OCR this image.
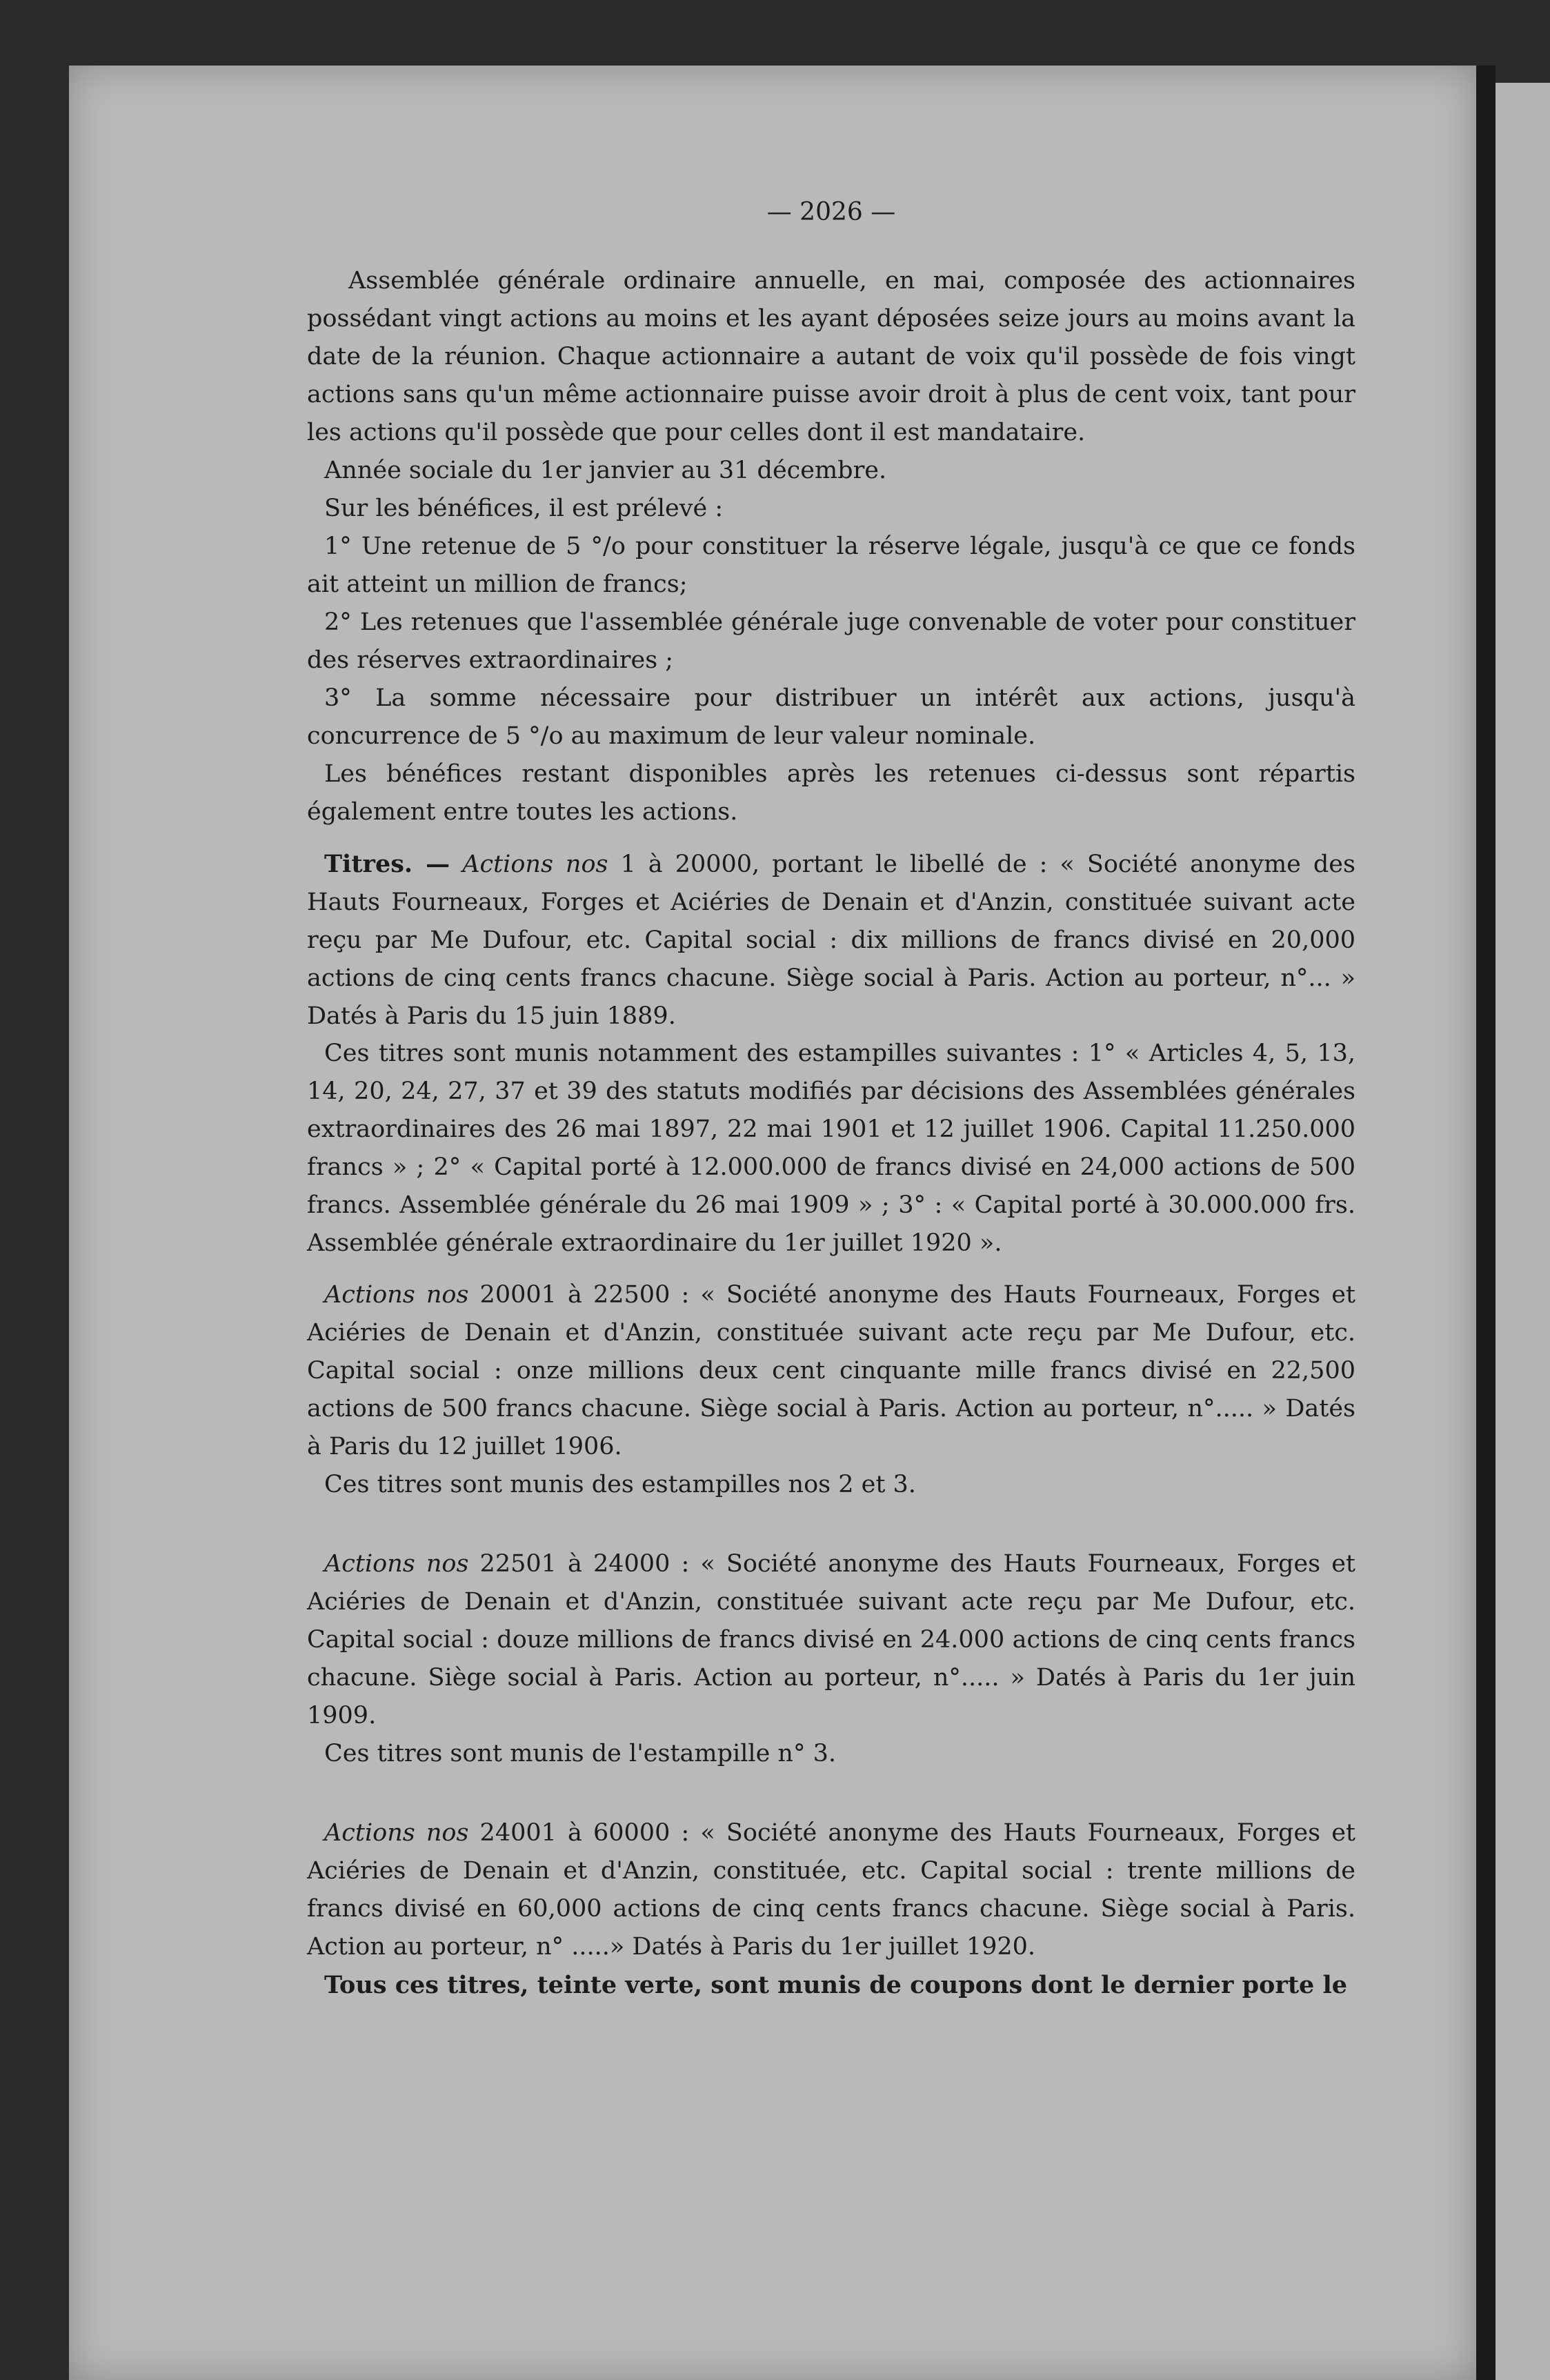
— 2026 —

Assemblée générale ordinaire annuelle, en mai, composée des actionnaires possédant vingt actions au moins et les ayant déposées seize jours au moins avant la date de la réunion. Chaque actionnaire a autant de voix qu'il possède de fois vingt actions sans qu'un même actionnaire puisse avoir droit à plus de cent voix, tant pour les actions qu'il possède que pour celles dont il est mandataire.

Année sociale du 1er janvier au 31 décembre.

Sur les bénéfices, il est prélevé :

1° Une retenue de 5 °/o pour constituer la réserve légale, jusqu'à ce que ce fonds ait atteint un million de francs;

2° Les retenues que l'assemblée générale juge convenable de voter pour constituer des réserves extraordinaires ;

3° La somme nécessaire pour distribuer un intérêt aux actions, jusqu'à concurrence de 5 °/o au maximum de leur valeur nominale.

Les bénéfices restant disponibles après les retenues ci-dessus sont répartis également entre toutes les actions.

Titres. — Actions nos 1 à 20000, portant le libellé de : « Société anonyme des Hauts Fourneaux, Forges et Aciéries de Denain et d'Anzin, constituée suivant acte reçu par Me Dufour, etc. Capital social : dix millions de francs divisé en 20,000 actions de cinq cents francs chacune. Siège social à Paris. Action au porteur, n°... » Datés à Paris du 15 juin 1889.

Ces titres sont munis notamment des estampilles suivantes : 1° « Articles 4, 5, 13, 14, 20, 24, 27, 37 et 39 des statuts modifiés par décisions des Assemblées générales extraordinaires des 26 mai 1897, 22 mai 1901 et 12 juillet 1906. Capital 11.250.000 francs » ; 2° « Capital porté à 12.000.000 de francs divisé en 24,000 actions de 500 francs. Assemblée générale du 26 mai 1909 » ; 3° : « Capital porté à 30.000.000 frs. Assemblée générale extraordinaire du 1er juillet 1920 ».

Actions nos 20001 à 22500 : « Société anonyme des Hauts Fourneaux, Forges et Aciéries de Denain et d'Anzin, constituée suivant acte reçu par Me Dufour, etc. Capital social : onze millions deux cent cinquante mille francs divisé en 22,500 actions de 500 francs chacune. Siège social à Paris. Action au porteur, n°..... » Datés à Paris du 12 juillet 1906.

Ces titres sont munis des estampilles nos 2 et 3.

Actions nos 22501 à 24000 : « Société anonyme des Hauts Fourneaux, Forges et Aciéries de Denain et d'Anzin, constituée suivant acte reçu par Me Dufour, etc. Capital social : douze millions de francs divisé en 24.000 actions de cinq cents francs chacune. Siège social à Paris. Action au porteur, n°..... » Datés à Paris du 1er juin 1909.

Ces titres sont munis de l'estampille n° 3.

Actions nos 24001 à 60000 : « Société anonyme des Hauts Fourneaux, Forges et Aciéries de Denain et d'Anzin, constituée, etc. Capital social : trente millions de francs divisé en 60,000 actions de cinq cents francs chacune. Siège social à Paris. Action au porteur, n° .....» Datés à Paris du 1er juillet 1920.

Tous ces titres, teinte verte, sont munis de coupons dont le dernier porte le
